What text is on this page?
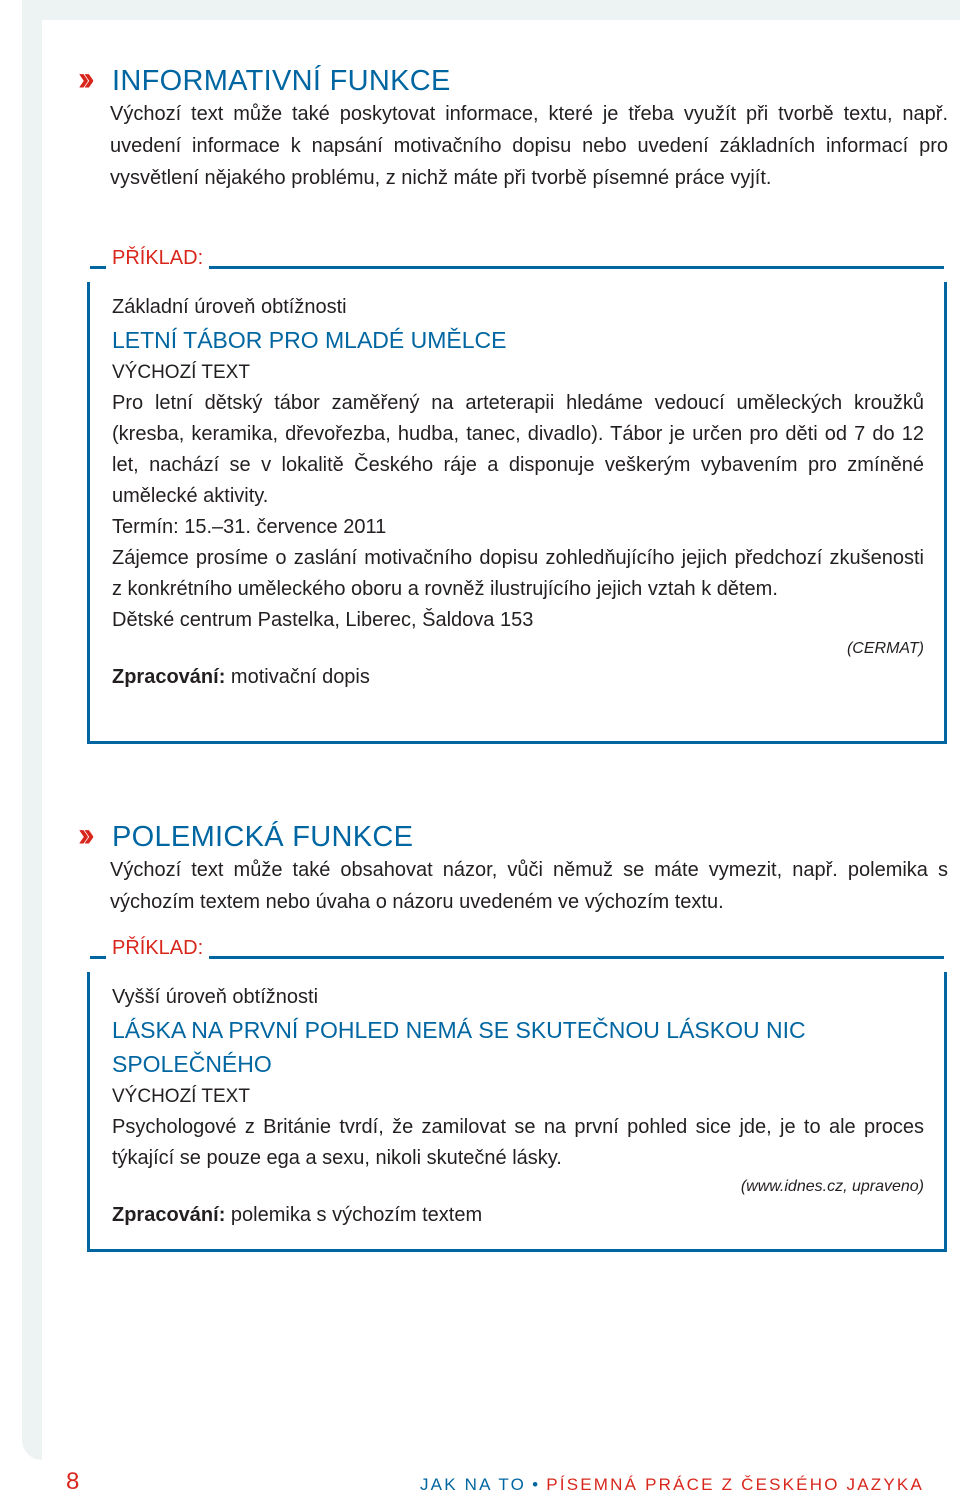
›› INFORMATIVNÍ FUNKCE

Výchozí text může také poskytovat informace, které je třeba využít při tvorbě textu, např. uvedení informace k napsání motivačního dopisu nebo uvedení základních informací pro vysvětlení nějakého problému, z nichž máte při tvorbě písemné práce vyjít.

PŘÍKLAD:
Základní úroveň obtížnosti
LETNÍ TÁBOR PRO MLADÉ UMĚLCE
VÝCHOZÍ TEXT
Pro letní dětský tábor zaměřený na arteterapii hledáme vedoucí uměleckých kroužků (kresba, keramika, dřevořezba, hudba, tanec, divadlo). Tábor je určen pro děti od 7 do 12 let, nachází se v lokalitě Českého ráje a disponuje veškerým vybavením pro zmíněné umělecké aktivity.
Termín: 15.–31. července 2011
Zájemce prosíme o zaslání motivačního dopisu zohledňujícího jejich předchozí zkušenosti z konkrétního uměleckého oboru a rovněž ilustrujícího jejich vztah k dětem.
Dětské centrum Pastelka, Liberec, Šaldova 153
(CERMAT)
Zpracování: motivační dopis
›› POLEMICKÁ FUNKCE

Výchozí text může také obsahovat názor, vůči němuž se máte vymezit, např. polemika s výchozím textem nebo úvaha o názoru uvedeném ve výchozím textu.

PŘÍKLAD:
Vyšší úroveň obtížnosti
LÁSKA NA PRVNÍ POHLED NEMÁ SE SKUTEČNOU LÁSKOU NIC SPOLEČNÉHO
VÝCHOZÍ TEXT
Psychologové z Británie tvrdí, že zamilovat se na první pohled sice jde, je to ale proces týkající se pouze ega a sexu, nikoli skutečné lásky.
(www.idnes.cz, upraveno)
Zpracování: polemika s výchozím textem
8	JAK NA TO • PÍSEMNÁ PRÁCE Z ČESKÉHO JAZYKA
